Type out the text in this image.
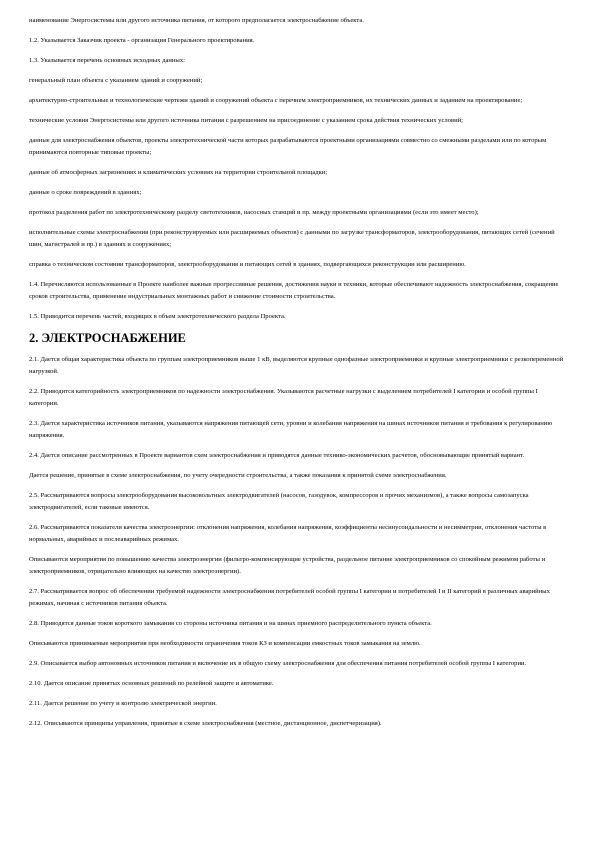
наименование Энергосистемы или другого источника питания, от которого предполагается электроснабжение объекта.

1.2. Указывается Заказчик проекта - организация Генерального проектирования.

1.3. Указывается перечень основных исходных данных:

генеральный план объекта с указанием зданий и сооружений;

архитектурно-строительные и технологические чертежи зданий и сооружений объекта с перечнем электроприемников, их технических данных и заданием на проектирование;

технические условия Энергосистемы или другого источника питания с разрешением на присоединение с указанием срока действия технических условий;

данные для электроснабжения объектов, проекты электротехнической части которых разрабатываются проектными организациями совместно со смежными разделами или по которым принимаются повторные типовые проекты;

данные об атмосферных загрязнениях и климатических условиях на территории строительной площадки;

данные о сроке повреждений в зданиях;

протокол разделения работ по электротехническому разделу светотехников, насосных станций и пр. между проектными организациями (если это имеет место);

исполнительные схемы электроснабжения (при реконструируемых или расширяемых объектов) с данными по загрузке трансформаторов, электрооборудования, питающих сетей (сечений шин, магистралей и пр.) в зданиях и сооружениях;

справка о техническом состоянии трансформаторов, электрооборудования и питающих сетей в зданиях, подвергающихся реконструкции или расширению.

1.4. Перечисляются использованные в Проекте наиболее важные прогрессивные решения, достижения науки и техники, которые обеспечивают надежность электроснабжения, сокращение сроков строительства, применение индустриальных монтажных работ и снижение стоимости строительства.

1.5. Приводится перечень частей, входящих в объем электротехнического раздела Проекта.

2. ЭЛЕКТРОСНАБЖЕНИЕ

2.1. Дается общая характеристика объекта по группам электроприемников выше 1 кВ, выделяются крупные однофазные электроприемники и крупные электроприемники с резкопеременной нагрузкой.

2.2. Приводится категорийность электроприемников по надежности электроснабжения. Указываются расчетные нагрузки с выделением потребителей I категории и особой группы I категории.

2.3. Дается характеристика источников питания, указываются напряжения питающей сети, уровни и колебания напряжения на шинах источников питания и требования к регулированию напряжения.

2.4. Дается описание рассмотренных в Проекте вариантов схем электроснабжения и приводятся данные технико-экономических расчетов, обосновывающие принятый вариант.

Дается решение, принятые в схеме электроснабжения, по учету очередности строительства, а также показания к принятой схеме электроснабжения.

2.5. Рассматриваются вопросы электрооборудования высоковольтных электродвигателей (насосов, газодувок, компрессоров и прочих механизмов), а также вопросы самозапуска электродвигателей, если таковые имеются.

2.6. Рассматриваются показатели качества электроэнергии: отклонения напряжения, колебания напряжения, коэффициенты несинусоидальности и несимметрии, отклонения частоты в нормальных, аварийных и послеаварийных режимах.

Описываются мероприятия по повышению качества электроэнергии (фильтро-компенсирующие устройства, раздельное питание электроприемников со спокойным режимом работы и электроприемников, отрицательно влияющих на качество электроэнергии).

2.7. Рассматривается вопрос об обеспечении требуемой надежности электроснабжения потребителей особой группы I категории и потребителей I и II категорий в различных аварийных режимах, начиная с источников питания объекта.

2.8. Приводятся данные токов короткого замыкания со стороны источника питания и на шинах приемного распределительного пункта объекта.

Описываются принимаемые мероприятия при необходимости ограничения токов КЗ и компенсации емкостных токов замыкания на землю.

2.9. Описывается выбор автономных источников питания и включение их в общую схему электроснабжения для обеспечения питания потребителей особой группы I категории.

2.10. Дается описание принятых основных решений по релейной защите и автоматике.

2.11. Дается решение по учету и контролю электрической энергии.

2.12. Описываются принципы управления, принятые в схеме электроснабжения (местное, дистанционное, диспетчеризация).
